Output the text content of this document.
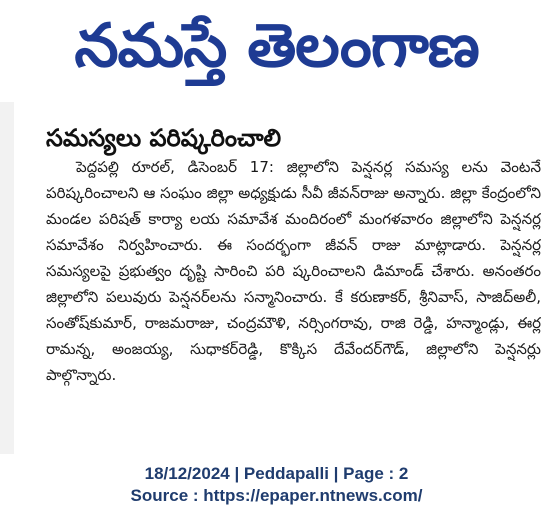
నమస్తే తెలంగాణ
సమస్యలు పరిష్కరించాలి

పెద్దపల్లి రూరల్, డిసెంబర్ 17: జిల్లాలోని పెన్షనర్ల సమస్య లను వెంటనే పరిష్కరించాలని ఆ సంఘం జిల్లా అధ్యక్షుడు సీవీ జీవన్‌రాజు అన్నారు. జిల్లా కేంద్రంలోని మండల పరిషత్ కార్యా లయ సమావేశ మందిరంలో మంగళవారం జిల్లాలోని పెన్షనర్ల సమావేశం నిర్వహించారు. ఈ సందర్భంగా జీవన్ రాజు మాట్లాడారు. పెన్షనర్ల సమస్యలపై ప్రభుత్వం దృష్టి సారించి పరి ష్కరించాలని డిమాండ్ చేశారు. అనంతరం జిల్లాలోని పలువురు పెన్షనర్‌లను సన్మానించారు. కే కరుణాకర్, శ్రీనివాస్, సాజిద్‌అలీ, సంతోష్‌కుమార్, రాజమరాజు, చంద్రమౌళి, నర్సింగరావు, రాజి రెడ్డి, హన్మాండ్లు, ఈర్ల రామన్న, అంజయ్య, సుధాకర్‌రెడ్డి, కొక్కిస దేవేందర్‌గౌడ్, జిల్లాలోని పెన్షనర్లు పాల్గొన్నారు.

18/12/2024 | Peddapalli | Page : 2
Source : https://epaper.ntnews.com/
